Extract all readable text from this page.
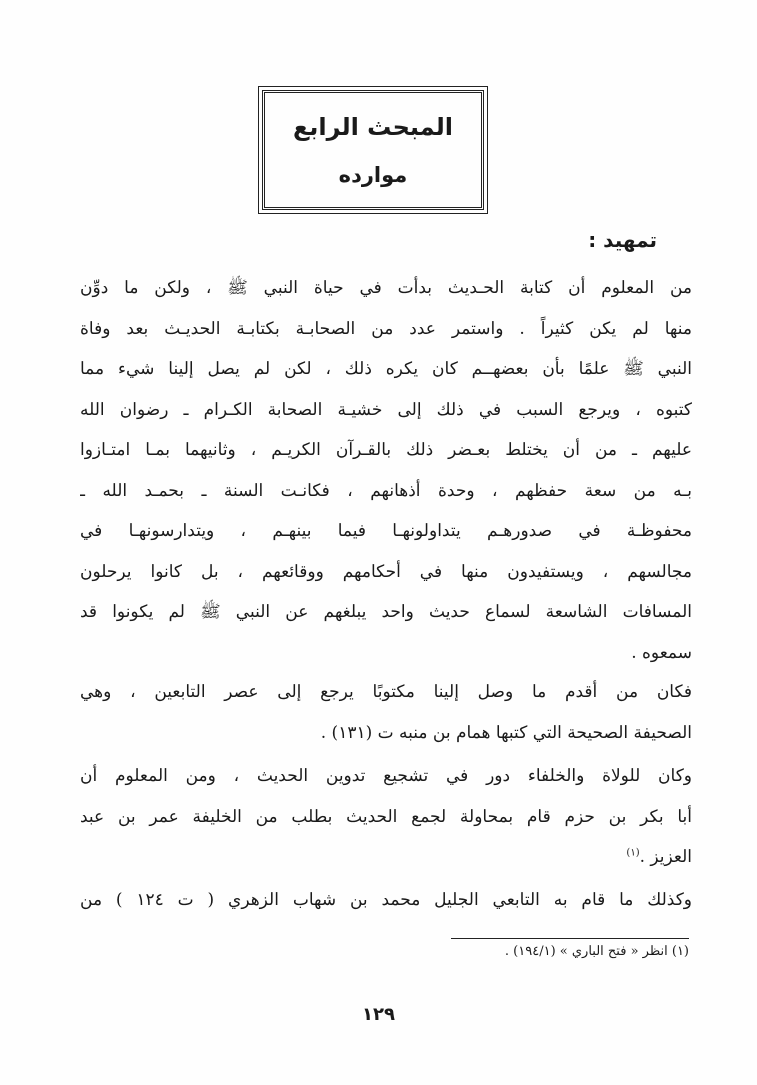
المبحث الرابع
موارده
تمهيد :
من المعلوم أن كتابة الحـديث بدأت في حياة النبي ﷺ ، ولكن ما دوِّن
منها لم يكن كثيراً . واستمر عدد من الصحابـة بكتابـة الحديـث بعد وفاة
النبي ﷺ علمًا بأن بعضهــم كان يكره ذلك ، لكن لم يصل إلينا شيء مما
كتبوه ، ويرجع السبب في ذلك إلى خشيـة الصحابة الكـرام ـ رضوان الله
عليهم ـ من أن يختلط بعـضر ذلك بالقـرآن الكريـم ، وثانيهما بمـا امتـازوا
بـه من سعة حفظهم ، وحدة أذهانهم ، فكانـت السنة ـ بحمـد الله ـ
محفوظـة في صدورهـم يتداولونهـا فيما بينهـم ، ويتدارسونهـا في
مجالسهم ، ويستفيدون منها في أحكامهم ووقائعهم ، بل كانوا يرحلون
المسافات الشاسعة لسماع حديث واحد يبلغهم عن النبي ﷺ لم يكونوا قد
سمعوه .
فكان من أقدم ما وصل إلينا مكتوبًا يرجع إلى عصر التابعين ، وهي
الصحيفة الصحيحة التي كتبها همام بن منبه ت (١٣١) .
وكان للولاة والخلفاء دور في تشجيع تدوين الحديث ، ومن المعلوم أن
أبا بكر بن حزم قام بمحاولة لجمع الحديث بطلب من الخليفة عمر بن عبد
العزيز .$^{(١)}$
وكذلك ما قام به التابعي الجليل محمد بن شهاب الزهري ( ت ١٢٤ ) من
(١) انظر « فتح الباري » (١٩٤/١) .
١٢٩
